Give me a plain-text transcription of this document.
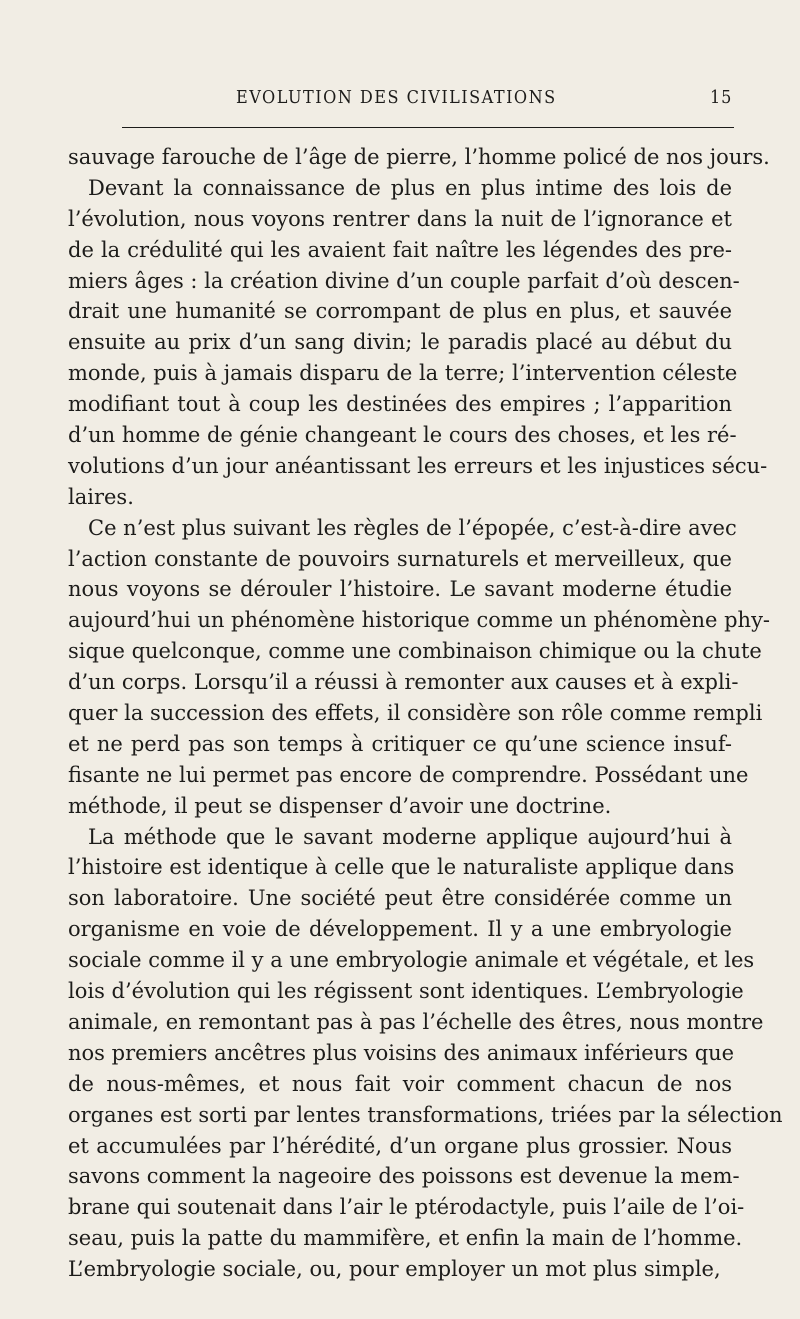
EVOLUTION DES CIVILISATIONS	15
sauvage farouche de l’âge de pierre, l’homme policé de nos jours.
Devant la connaissance de plus en plus intime des lois de
l’évolution, nous voyons rentrer dans la nuit de l’ignorance et
de la crédulité qui les avaient fait naître les légendes des pre-
miers âges : la création divine d’un couple parfait d’où descen-
drait une humanité se corrompant de plus en plus, et sauvée
ensuite au prix d’un sang divin; le paradis placé au début du
monde, puis à jamais disparu de la terre; l’intervention céleste
modifiant tout à coup les destinées des empires ; l’apparition
d’un homme de génie changeant le cours des choses, et les ré-
volutions d’un jour anéantissant les erreurs et les injustices sécu-
laires.
Ce n’est plus suivant les règles de l’épopée, c’est-à-dire avec
l’action constante de pouvoirs surnaturels et merveilleux, que
nous voyons se dérouler l’histoire. Le savant moderne étudie
aujourd’hui un phénomène historique comme un phénomène phy-
sique quelconque, comme une combinaison chimique ou la chute
d’un corps. Lorsqu’il a réussi à remonter aux causes et à expli-
quer la succession des effets, il considère son rôle comme rempli
et ne perd pas son temps à critiquer ce qu’une science insuf-
fisante ne lui permet pas encore de comprendre. Possédant une
méthode, il peut se dispenser d’avoir une doctrine.
La méthode que le savant moderne applique aujourd’hui à
l’histoire est identique à celle que le naturaliste applique dans
son laboratoire. Une société peut être considérée comme un
organisme en voie de développement. Il y a une embryologie
sociale comme il y a une embryologie animale et végétale, et les
lois d’évolution qui les régissent sont identiques. L’embryologie
animale, en remontant pas à pas l’échelle des êtres, nous montre
nos premiers ancêtres plus voisins des animaux inférieurs que
de nous-mêmes, et nous fait voir comment chacun de nos
organes est sorti par lentes transformations, triées par la sélection
et accumulées par l’hérédité, d’un organe plus grossier. Nous
savons comment la nageoire des poissons est devenue la mem-
brane qui soutenait dans l’air le ptérodactyle, puis l’aile de l’oi-
seau, puis la patte du mammifère, et enfin la main de l’homme.
L’embryologie sociale, ou, pour employer un mot plus simple,
